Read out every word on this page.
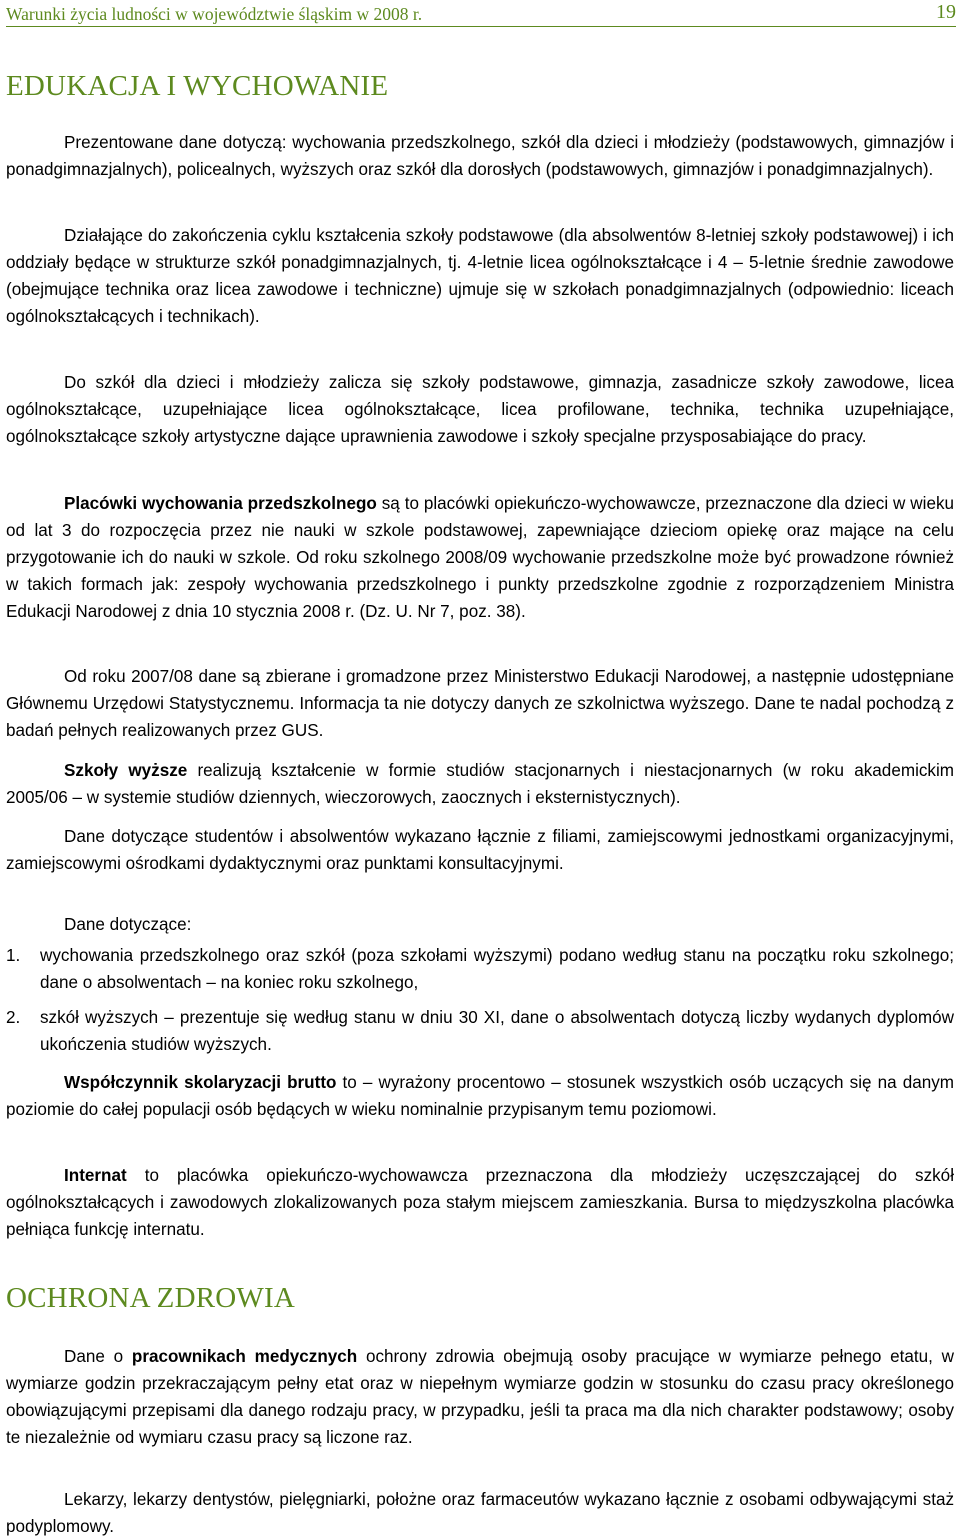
Warunki życia ludności w województwie śląskim w 2008 r.	19
EDUKACJA I WYCHOWANIE

Prezentowane dane dotyczą: wychowania przedszkolnego, szkół dla dzieci i młodzieży (podstawowych, gimnazjów i ponadgimnazjalnych), policealnych, wyższych oraz szkół dla dorosłych (podstawowych, gimnazjów i ponadgimnazjalnych).

Działające do zakończenia cyklu kształcenia szkoły podstawowe (dla absolwentów 8-letniej szkoły podstawowej) i ich oddziały będące w strukturze szkół ponadgimnazjalnych, tj. 4-letnie licea ogólnokształcące i 4 – 5-letnie średnie zawodowe (obejmujące technika oraz licea zawodowe i techniczne) ujmuje się w szkołach ponadgimnazjalnych (odpowiednio: liceach ogólnokształcących i technikach).

Do szkół dla dzieci i młodzieży zalicza się szkoły podstawowe, gimnazja, zasadnicze szkoły zawodowe, licea ogólnokształcące, uzupełniające licea ogólnokształcące, licea profilowane, technika, technika uzupełniające, ogólnokształcące szkoły artystyczne dające uprawnienia zawodowe i szkoły specjalne przysposabiające do pracy.

Placówki wychowania przedszkolnego są to placówki opiekuńczo-wychowawcze, przeznaczone dla dzieci w wieku od lat 3 do rozpoczęcia przez nie nauki w szkole podstawowej, zapewniające dzieciom opiekę oraz mające na celu przygotowanie ich do nauki w szkole. Od roku szkolnego 2008/09 wychowanie przedszkolne może być prowadzone również w takich formach jak: zespoły wychowania przedszkolnego i punkty przedszkolne zgodnie z rozporządzeniem Ministra Edukacji Narodowej z dnia 10 stycznia 2008 r. (Dz. U. Nr 7, poz. 38).

Od roku 2007/08 dane są zbierane i gromadzone przez Ministerstwo Edukacji Narodowej, a następnie udostępniane Głównemu Urzędowi Statystycznemu. Informacja ta nie dotyczy danych ze szkolnictwa wyższego. Dane te nadal pochodzą z badań pełnych realizowanych przez GUS.

Szkoły wyższe realizują kształcenie w formie studiów stacjonarnych i niestacjonarnych (w roku akademickim 2005/06 – w systemie studiów dziennych, wieczorowych, zaocznych i eksternistycznych).

Dane dotyczące studentów i absolwentów wykazano łącznie z filiami, zamiejscowymi jednostkami organizacyjnymi, zamiejscowymi ośrodkami dydaktycznymi oraz punktami konsultacyjnymi.

Dane dotyczące:

1. wychowania przedszkolnego oraz szkół (poza szkołami wyższymi) podano według stanu na początku roku szkolnego; dane o absolwentach – na koniec roku szkolnego,
2. szkół wyższych – prezentuje się według stanu w dniu 30 XI, dane o absolwentach dotyczą liczby wydanych dyplomów ukończenia studiów wyższych.

Współczynnik skolaryzacji brutto to – wyrażony procentowo – stosunek wszystkich osób uczących się na danym poziomie do całej populacji osób będących w wieku nominalnie przypisanym temu poziomowi.

Internat to placówka opiekuńczo-wychowawcza przeznaczona dla młodzieży uczęszczającej do szkół ogólnokształcących i zawodowych zlokalizowanych poza stałym miejscem zamieszkania. Bursa to międzyszkolna placówka pełniąca funkcję internatu.

OCHRONA ZDROWIA

Dane o pracownikach medycznych ochrony zdrowia obejmują osoby pracujące w wymiarze pełnego etatu, w wymiarze godzin przekraczającym pełny etat oraz w niepełnym wymiarze godzin w stosunku do czasu pracy określonego obowiązującymi przepisami dla danego rodzaju pracy, w przypadku, jeśli ta praca ma dla nich charakter podstawowy; osoby te niezależnie od wymiaru czasu pracy są liczone raz.

Lekarzy, lekarzy dentystów, pielęgniarki, położne oraz farmaceutów wykazano łącznie z osobami odbywającymi staż podyplomowy.
